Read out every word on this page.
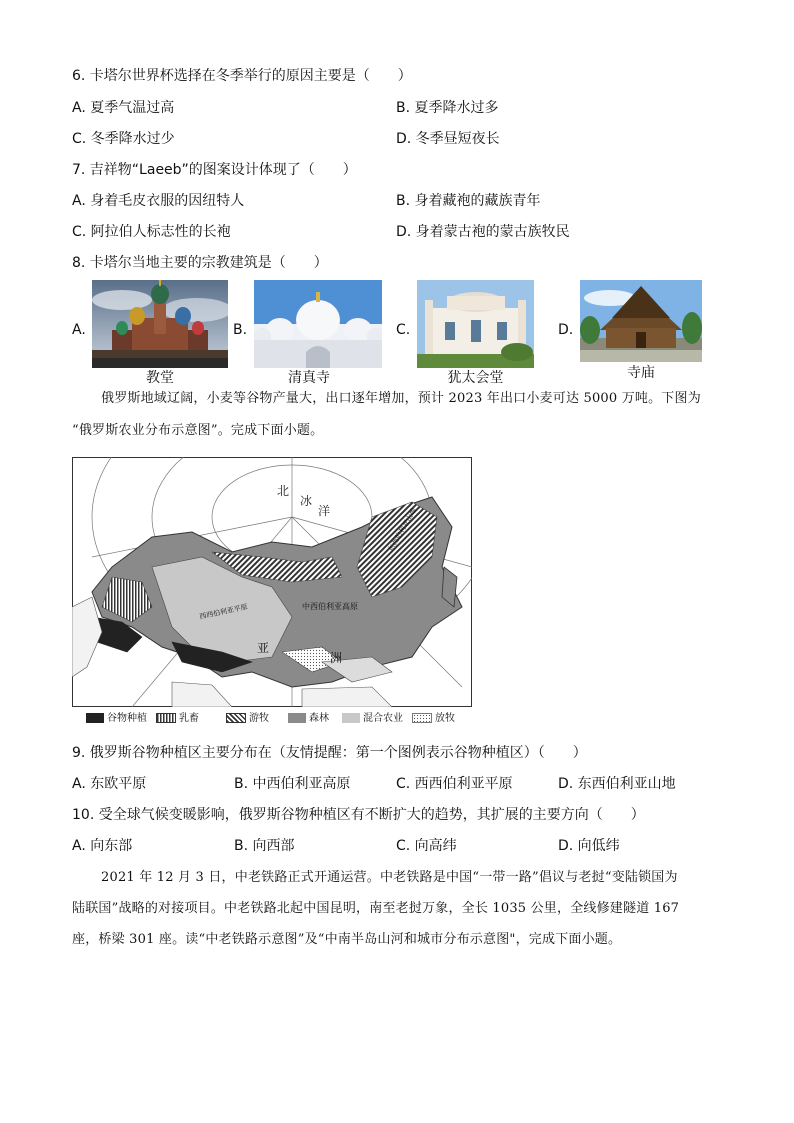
6. 卡塔尔世界杯选择在冬季举行的原因主要是（　　）
A. 夏季气温过高	B. 夏季降水过多
C. 冬季降水过少	D. 冬季昼短夜长
7. 吉祥物“Laeeb”的图案设计体现了（　　）
A. 身着毛皮衣服的因纽特人	B. 身着藏袍的藏族青年
C. 阿拉伯人标志性的长袍	D. 身着蒙古袍的蒙古族牧民
8. 卡塔尔当地主要的宗教建筑是（　　）
A.
教堂
B.
清真寺
C.
犹太会堂
D.
寺庙
俄罗斯地域辽阔，小麦等谷物产量大，出口逐年增加，预计 2023 年出口小麦可达 5000 万吨。下图为
“俄罗斯农业分布示意图”。完成下面小题。
北
冰
洋
中西伯利亚高原
西西伯利亚平原
亚
洲
东西伯利亚山地
谷物种植	乳畜	游牧	森林	混合农业	放牧
9. 俄罗斯谷物种植区主要分布在（友情提醒：第一个图例表示谷物种植区）（　　）
A. 东欧平原	B. 中西伯利亚高原	C. 西西伯利亚平原	D. 东西伯利亚山地
10. 受全球气候变暖影响，俄罗斯谷物种植区有不断扩大的趋势，其扩展的主要方向（　　）
A. 向东部	B. 向西部	C. 向高纬	D. 向低纬
2021 年 12 月 3 日，中老铁路正式开通运营。中老铁路是中国“一带一路”倡议与老挝“变陆锁国为
陆联国”战略的对接项目。中老铁路北起中国昆明，南至老挝万象，全长 1035 公里，全线修建隧道 167
座，桥梁 301 座。读“中老铁路示意图”及“中南半岛山河和城市分布示意图"，完成下面小题。
